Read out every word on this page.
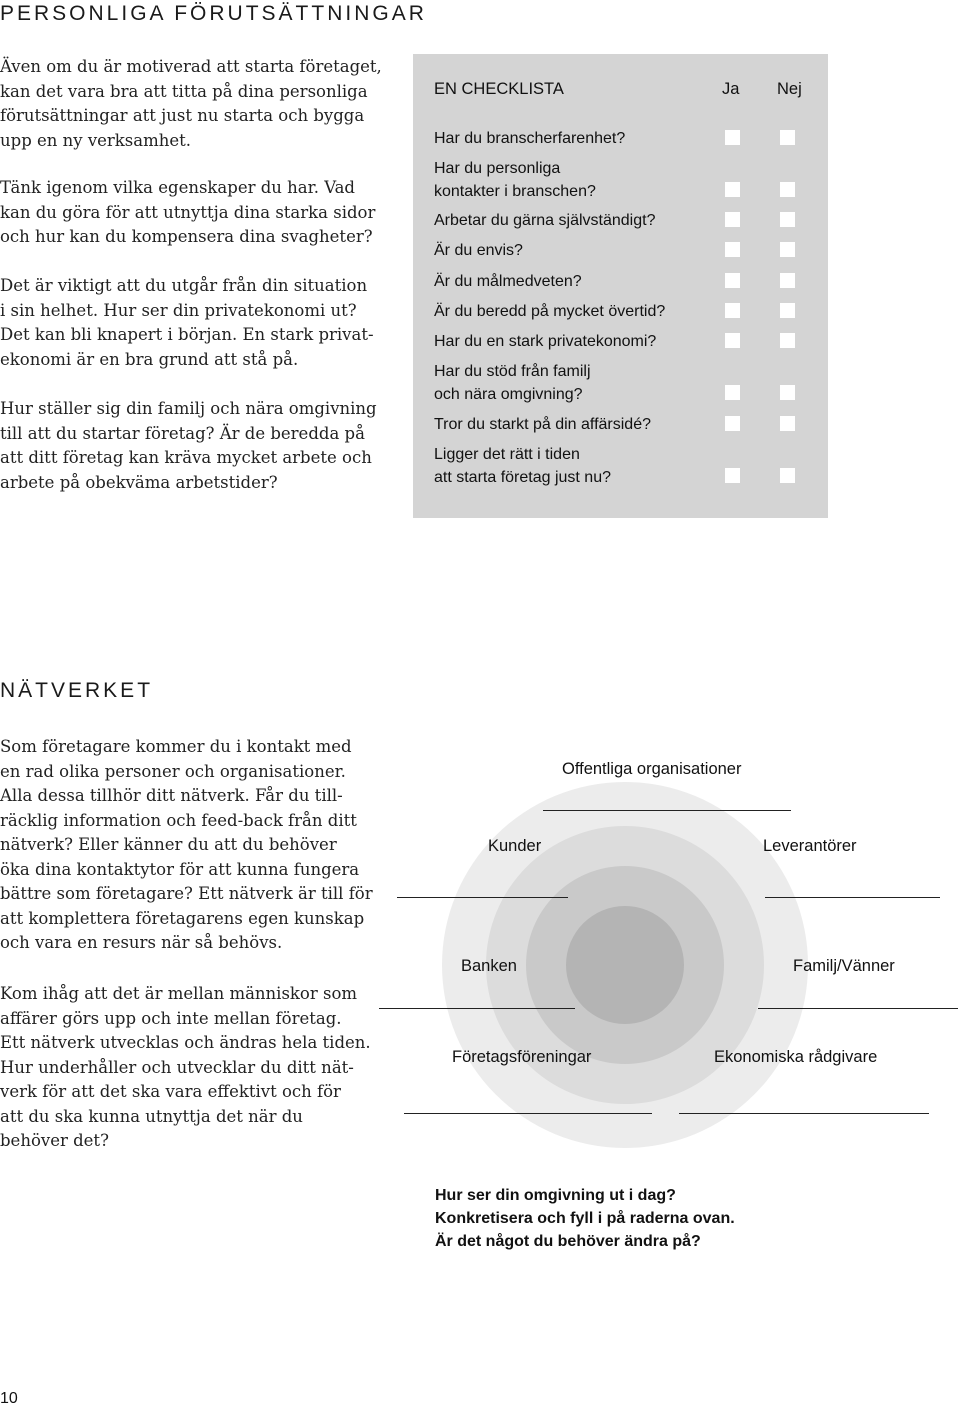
PERSONLIGA FÖRUTSÄTTNINGAR

Även om du är motiverad att starta företaget,
kan det vara bra att titta på dina personliga
förutsättningar att just nu starta och bygga
upp en ny verksamhet.

Tänk igenom vilka egenskaper du har. Vad
kan du göra för att utnyttja dina starka sidor
och hur kan du kompensera dina svagheter?

Det är viktigt att du utgår från din situation
i sin helhet. Hur ser din privatekonomi ut?
Det kan bli knapert i början. En stark privat-
ekonomi är en bra grund att stå på.

Hur ställer sig din familj och nära omgivning
till att du startar företag? Är de beredda på
att ditt företag kan kräva mycket arbete och
arbete på obekväma arbetstider?

EN CHECKLISTA	Ja Nej
Har du branscherfarenhet?
Har du personliga
kontakter i branschen?
Arbetar du gärna självständigt?
Är du envis?
Är du målmedveten?
Är du beredd på mycket övertid?
Har du en stark privatekonomi?
Har du stöd från familj
och nära omgivning?
Tror du starkt på din affärsidé?
Ligger det rätt i tiden
att starta företag just nu?
NÄTVERKET

Som företagare kommer du i kontakt med
en rad olika personer och organisationer.
Alla dessa tillhör ditt nätverk. Får du till-
räcklig information och feed-back från ditt
nätverk? Eller känner du att du behöver
öka dina kontaktytor för att kunna fungera
bättre som företagare? Ett nätverk är till för
att komplettera företagarens egen kunskap
och vara en resurs när så behövs.

Kom ihåg att det är mellan människor som
affärer görs upp och inte mellan företag.
Ett nätverk utvecklas och ändras hela tiden.
Hur underhåller och utvecklar du ditt nät-
verk för att det ska vara effektivt och för
att du ska kunna utnyttja det när du
behöver det?

Offentliga organisationer
Kunder	Leverantörer
Banken	Familj/Vänner
Företagsföreningar	Ekonomiska rådgivare

Hur ser din omgivning ut i dag?
Konkretisera och fyll i på raderna ovan.
Är det något du behöver ändra på?

10
